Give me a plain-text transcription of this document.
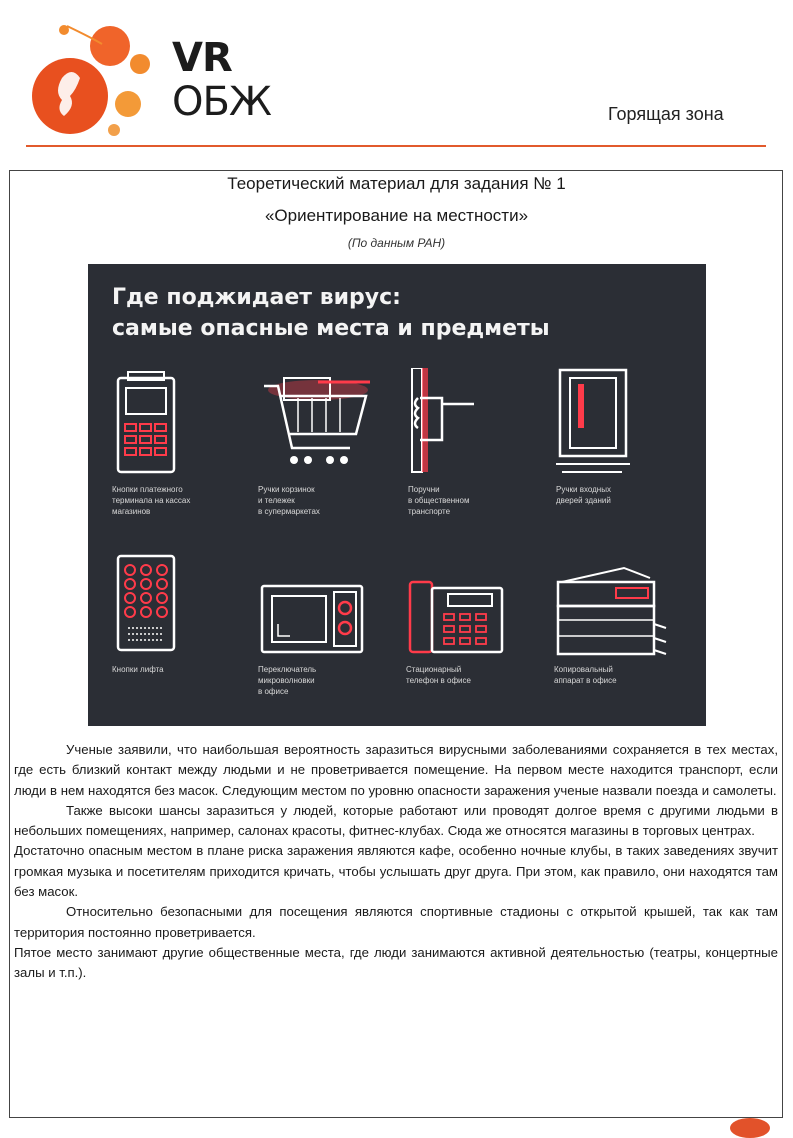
VR
ОБЖ	Горящая зона
Теоретический материал для задания № 1
«Ориентирование на местности»
(По данным РАН)
Где поджидает вирус:
самые опасные места и предметы
Кнопки платежного
терминала на кассах
магазинов
Ручки корзинок
и тележек
в супермаркетах
Поручни
в общественном
транспорте
Ручки входных
дверей зданий
Кнопки лифта	Переключатель
микроволновки
в офисе
Стационарный
телефон в офисе
Копировальный
аппарат в офисе

Ученые заявили, что наибольшая вероятность заразиться вирусными заболеваниями сохраняется в тех местах, где есть близкий контакт между людьми и не проветривается помещение. На первом месте находится транспорт, если люди в нем находятся без масок. Следующим местом по уровню опасности заражения ученые назвали поезда и самолеты.

Также высоки шансы заразиться у людей, которые работают или проводят долгое время с другими людьми в небольших помещениях, например, салонах красоты, фитнес-клубах. Сюда же относятся магазины в торговых центрах.

Достаточно опасным местом в плане риска заражения являются кафе, особенно ночные клубы, в таких заведениях звучит громкая музыка и посетителям приходится кричать, чтобы услышать друг друга. При этом, как правило, они находятся там без масок.

Относительно безопасными для посещения являются спортивные стадионы с открытой крышей, так как там территория постоянно проветривается.

Пятое место занимают другие общественные места, где люди занимаются активной деятельностью (театры, концертные залы и т.п.).
